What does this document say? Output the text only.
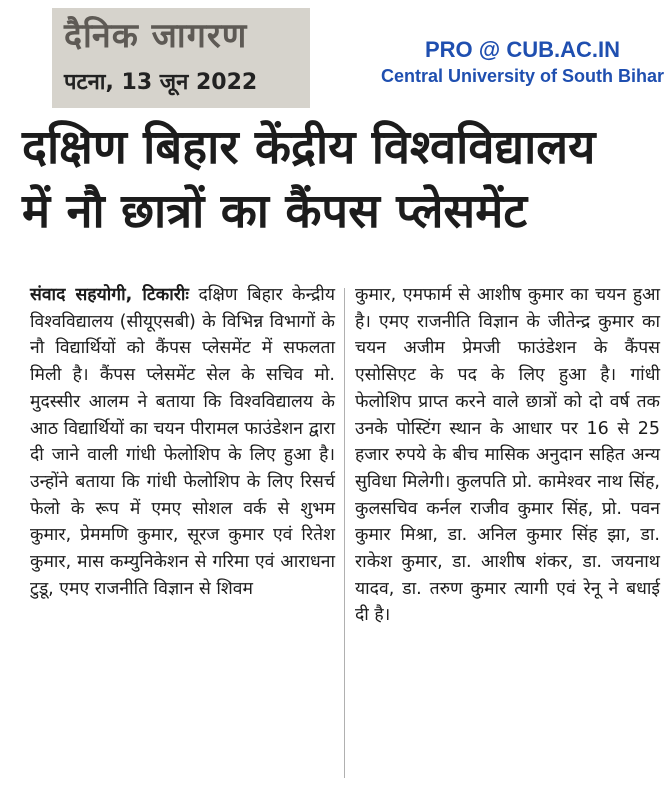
दैनिक जागरण
पटना, 13 जून 2022
PRO @ CUB.AC.IN
Central University of South Bihar
दक्षिण बिहार केंद्रीय विश्वविद्यालय
में नौ छात्रों का कैंपस प्लेसमेंट

संवाद सहयोगी, टिकारीः दक्षिण बिहार केन्द्रीय विश्वविद्यालय (सीयूएसबी) के विभिन्न विभागों के नौ विद्यार्थियों को कैंपस प्लेसमेंट में सफलता मिली है। कैंपस प्लेसमेंट सेल के सचिव मो. मुदस्सीर आलम ने बताया कि विश्वविद्यालय के आठ विद्यार्थियों का चयन पीरामल फाउंडेशन द्वारा दी जाने वाली गांधी फेलोशिप के लिए हुआ है। उन्होंने बताया कि गांधी फेलोशिप के लिए रिसर्च फेलो के रूप में एमए सोशल वर्क से शुभम कुमार, प्रेममणि कुमार, सूरज कुमार एवं रितेश कुमार, मास कम्युनिकेशन से गरिमा एवं आराधना टुडू, एमए राजनीति विज्ञान से शिवम

कुमार, एमफार्म से आशीष कुमार का चयन हुआ है। एमए राजनीति विज्ञान के जीतेन्द्र कुमार का चयन अजीम प्रेमजी फाउंडेशन के कैंपस एसोसिएट के पद के लिए हुआ है। गांधी फेलोशिप प्राप्त करने वाले छात्रों को दो वर्ष तक उनके पोस्टिंग स्थान के आधार पर 16 से 25 हजार रुपये के बीच मासिक अनुदान सहित अन्य सुविधा मिलेगी। कुलपति प्रो. कामेश्वर नाथ सिंह, कुलसचिव कर्नल राजीव कुमार सिंह, प्रो. पवन कुमार मिश्रा, डा. अनिल कुमार सिंह झा, डा. राकेश कुमार, डा. आशीष शंकर, डा. जयनाथ यादव, डा. तरुण कुमार त्यागी एवं रेनू ने बधाई दी है।
